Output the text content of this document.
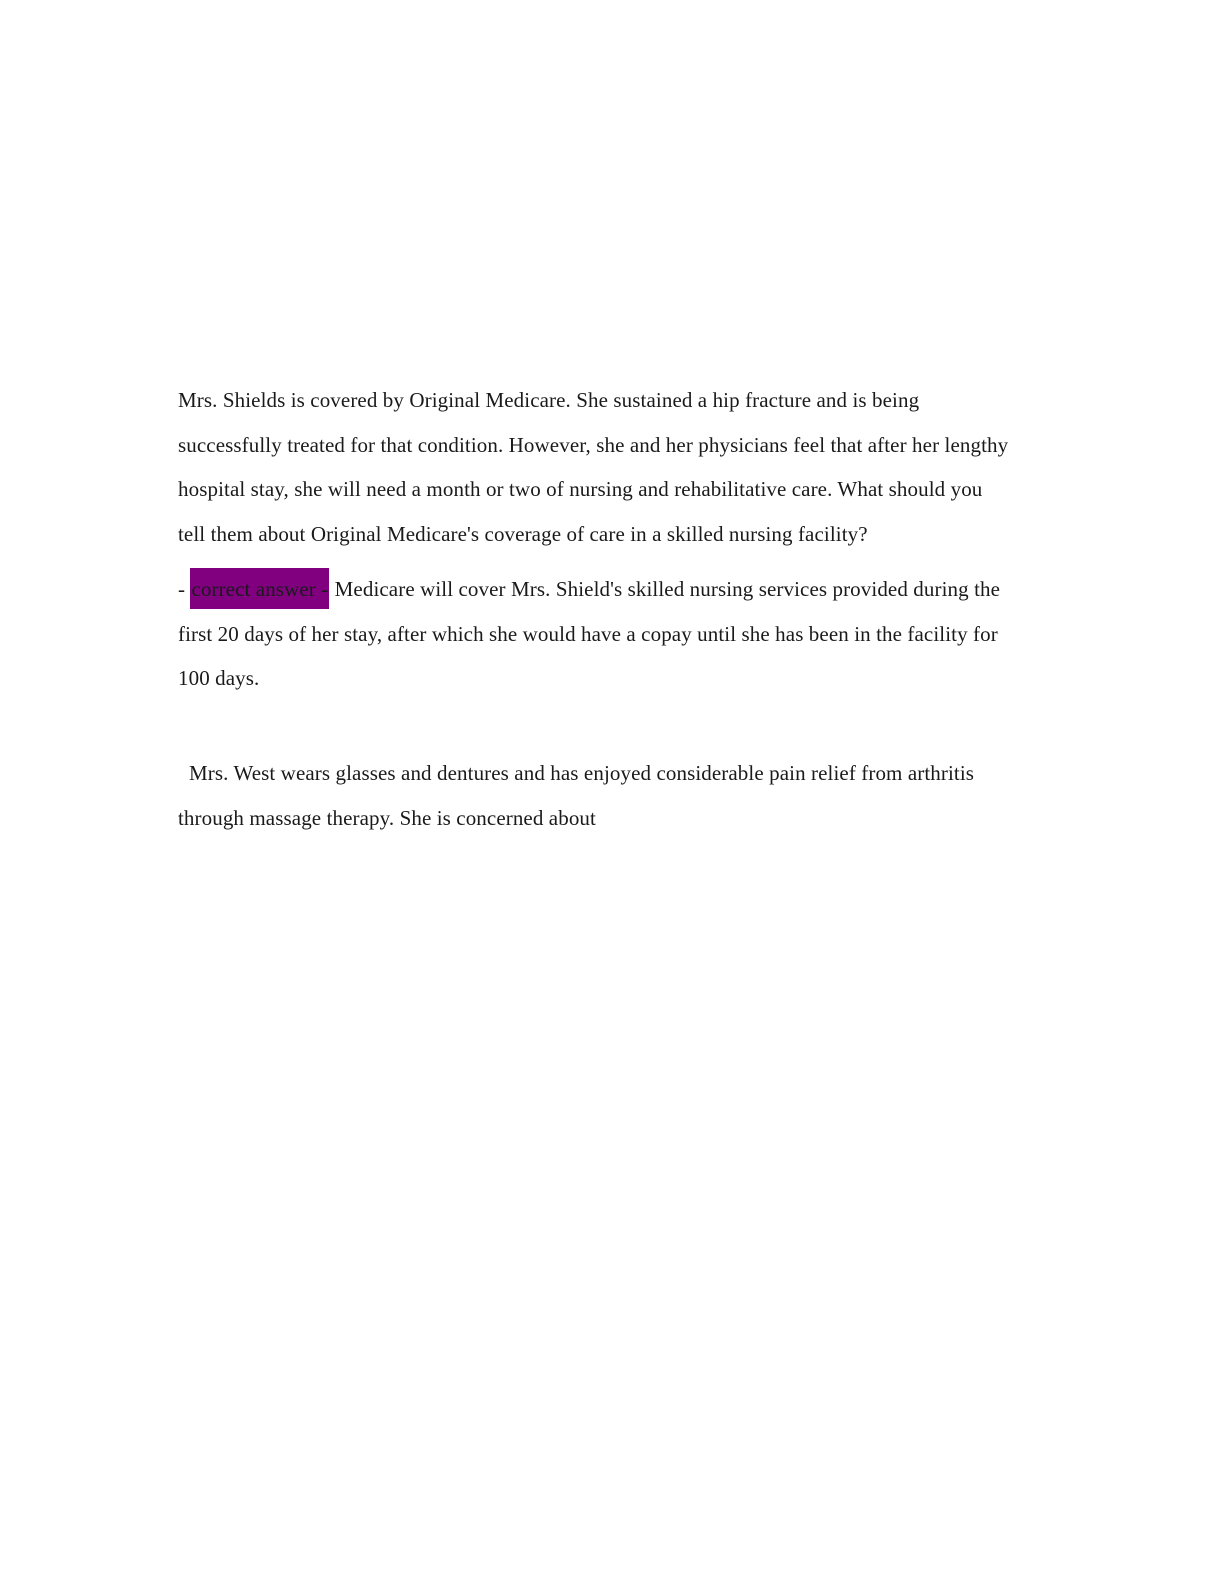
Mrs. Shields is covered by Original Medicare. She sustained a hip fracture and is being
successfully treated for that condition. However, she and her physicians feel that after her lengthy
hospital stay, she will need a month or two of nursing and rehabilitative care. What should you
tell them about Original Medicare's coverage of care in a skilled nursing facility?
- correct answer - Medicare will cover Mrs. Shield's skilled nursing services provided during the
first 20 days of her stay, after which she would have a copay until she has been in the facility for
100 days.
Mrs. West wears glasses and dentures and has enjoyed considerable pain relief from arthritis
through massage therapy. She is concerned about
